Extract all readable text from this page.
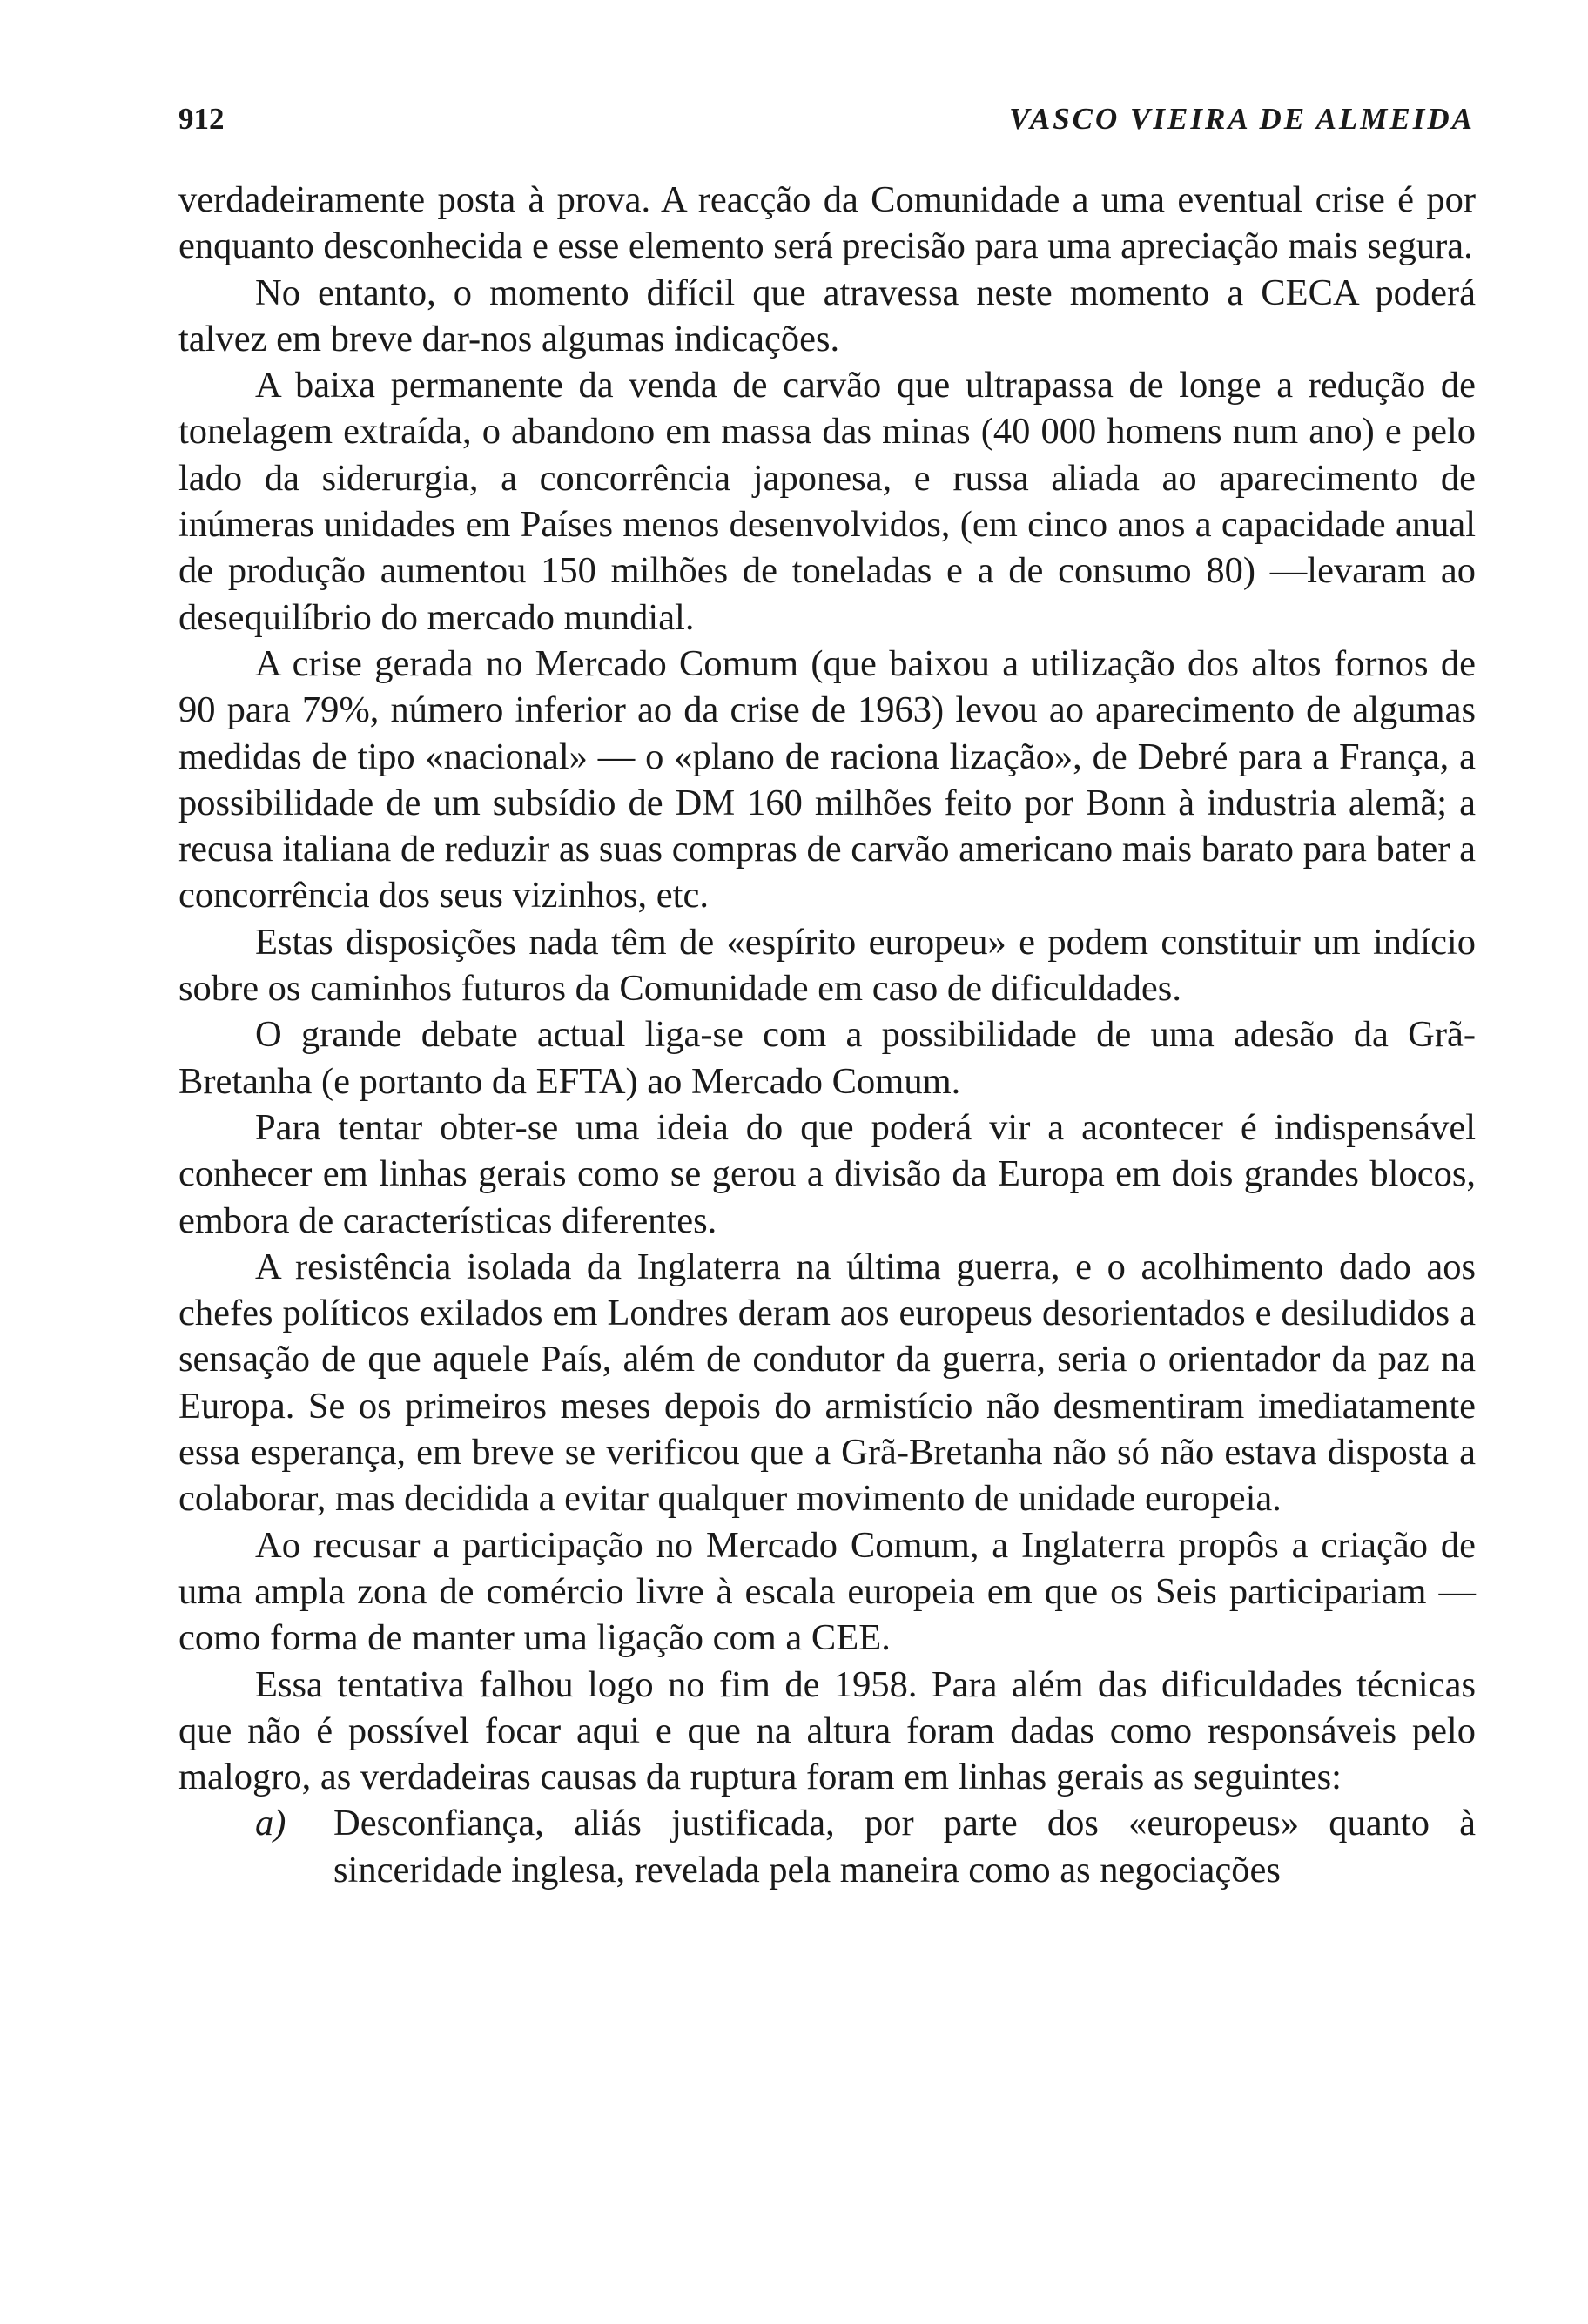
912	VASCO VIEIRA DE ALMEIDA

verdadeiramente posta à prova. A reacção da Comunidade a uma eventual crise é por enquanto desconhecida e esse elemento será precisão para uma apreciação mais segura.

No entanto, o momento difícil que atravessa neste momento a CECA poderá talvez em breve dar-nos algumas indicações.

A baixa permanente da venda de carvão que ultrapassa de longe a redução de tonelagem extraída, o abandono em massa das minas (40 000 homens num ano) e pelo lado da siderurgia, a concorrência japonesa, e russa aliada ao aparecimento de inúmeras unidades em Países menos desenvolvidos, (em cinco anos a capacidade anual de produção aumentou 150 milhões de toneladas e a de consumo 80) —levaram ao desequilíbrio do mercado mundial.

A crise gerada no Mercado Comum (que baixou a utilização dos altos fornos de 90 para 79%, número inferior ao da crise de 1963) levou ao aparecimento de algumas medidas de tipo «nacional» — o «plano de raciona lização», de Debré para a França, a possibilidade de um subsídio de DM 160 milhões feito por Bonn à industria alemã; a recusa italiana de reduzir as suas compras de carvão americano mais barato para bater a concorrência dos seus vizinhos, etc.

Estas disposições nada têm de «espírito europeu» e podem constituir um indício sobre os caminhos futuros da Comunidade em caso de dificuldades.

O grande debate actual liga-se com a possibilidade de uma adesão da Grã-Bretanha (e portanto da EFTA) ao Mercado Comum.

Para tentar obter-se uma ideia do que poderá vir a acontecer é indispensável conhecer em linhas gerais como se gerou a divisão da Europa em dois grandes blocos, embora de características diferentes.

A resistência isolada da Inglaterra na última guerra, e o acolhimento dado aos chefes políticos exilados em Londres deram aos europeus desorientados e desiludidos a sensação de que aquele País, além de condutor da guerra, seria o orientador da paz na Europa. Se os primeiros meses depois do armistício não desmentiram imediatamente essa esperança, em breve se verificou que a Grã-Bretanha não só não estava disposta a colaborar, mas decidida a evitar qualquer movimento de unidade europeia.

Ao recusar a participação no Mercado Comum, a Inglaterra propôs a criação de uma ampla zona de comércio livre à escala europeia em que os Seis participariam — como forma de manter uma ligação com a CEE.

Essa tentativa falhou logo no fim de 1958. Para além das dificuldades técnicas que não é possível focar aqui e que na altura foram dadas como responsáveis pelo malogro, as verdadeiras causas da ruptura foram em linhas gerais as seguintes:

a) Desconfiança, aliás justificada, por parte dos «europeus» quanto à sinceridade inglesa, revelada pela maneira como as negociações
